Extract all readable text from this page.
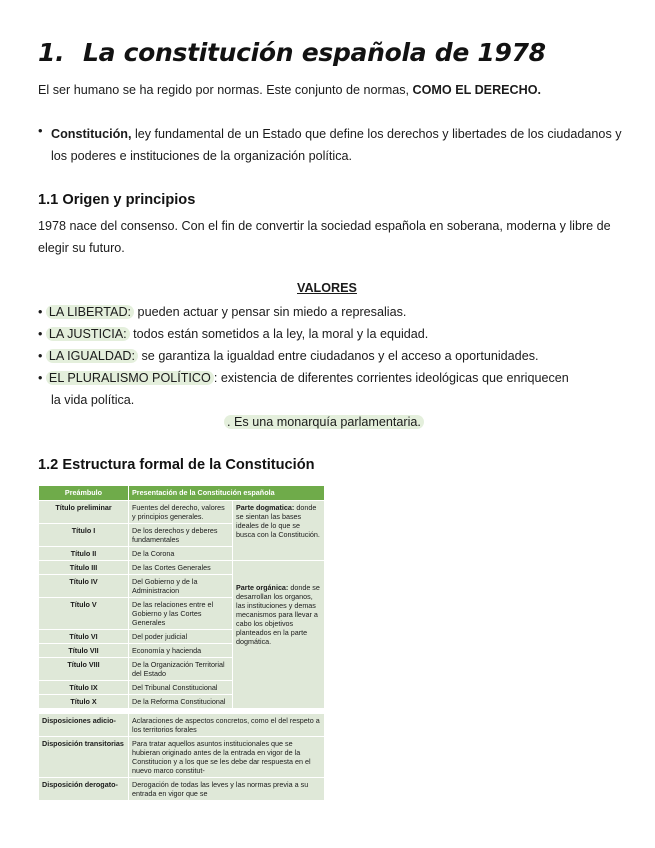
1. La constitución española de 1978

El ser humano se ha regido por normas. Este conjunto de normas, COMO EL DERECHO.

• Constitución, ley fundamental de un Estado que define los derechos y libertades de los ciudadanos y los poderes e instituciones de la organización política.

1.1 Origen y principios

1978 nace del consenso. Con el fin de convertir la sociedad española en soberana, moderna y libre de elegir su futuro.

VALORES
• LA LIBERTAD: pueden actuar y pensar sin miedo a represalias.
• LA JUSTICIA: todos están sometidos a la ley, la moral y la equidad.
• LA IGUALDAD: se garantiza la igualdad entre ciudadanos y el acceso a oportunidades.
• EL PLURALISMO POLÍTICO : existencia de diferentes corrientes ideológicas que enriquecen
la vida política.
. Es una monarquía parlamentaria.
1.2 Estructura formal de la Constitución
Preámbulo	Presentación de la Constitución española	
Título preliminar	Fuentes del derecho, valores y principios generales.	Parte dogmatica: donde se sientan las bases ideales de lo que se busca con la Constitución.
Título I	De los derechos y deberes fundamentales	
Título II	De la Corona	
Título III	De las Cortes Generales	Parte orgánica: donde se desarrollan los organos, las instituciones y demas mecanismos para llevar a cabo los objetivos planteados en la parte dogmática.
Título IV	Del Gobierno y de la Administracion	
Título V	De las relaciones entre el Gobierno y las Cortes Generales	
Título VI	Del poder judicial	
Título VII	Economía y hacienda	
Título VIII	De la Organización Territorial del Estado	
Título IX	Del Tribunal Constitucional	
Título X	De la Reforma Constitucional	

Disposiciones adicio-	Aclaraciones de aspectos concretos, como el del respeto a los territorios forales	
Disposición transitorias	Para tratar aquellos asuntos institucionales que se hubieran originado antes de la entrada en vigor de la Constitucion y a los que se les debe dar respuesta en el nuevo marco constitut-	
Disposición derogato-	Derogación de todas las leves y las normas previa a su entrada en vigor que se	
